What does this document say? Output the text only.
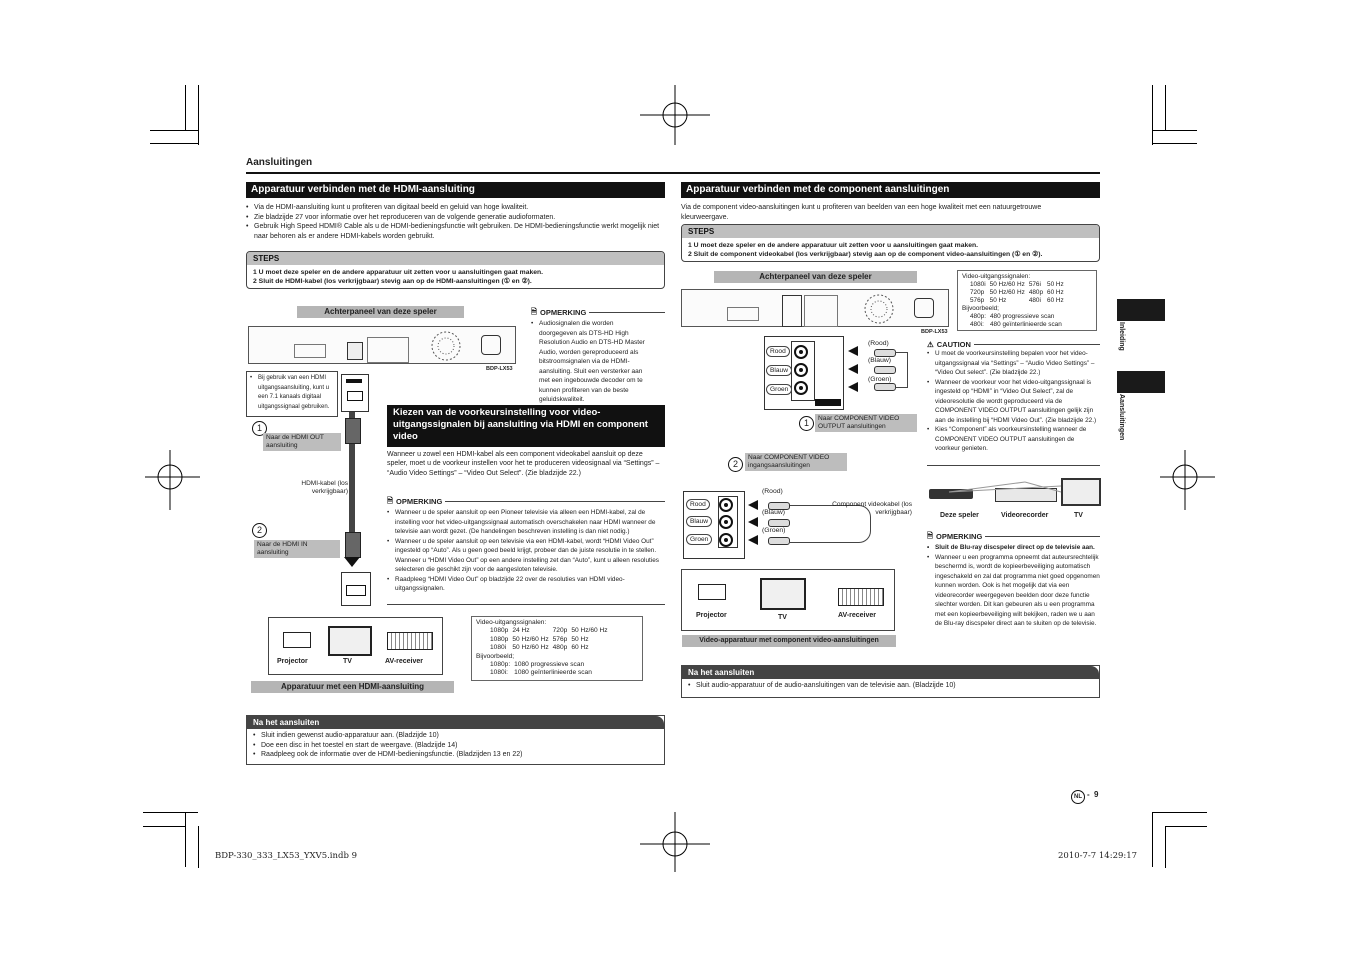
Aansluitingen
Inleiding
Aansluitingen
Apparatuur verbinden met de HDMI-aansluiting
• Via de HDMI-aansluiting kunt u profiteren van digitaal beeld en geluid van hoge kwaliteit.
• Zie bladzijde 27 voor informatie over het reproduceren van de volgende generatie audioformaten.
• Gebruik High Speed HDMI® Cable als u de HDMI-bedieningsfunctie wilt gebruiken. De HDMI-bedieningsfunctie werkt mogelijk niet naar behoren als er andere HDMI-kabels worden gebruikt.
STEPS
1 U moet deze speler en de andere apparatuur uit zetten voor u aansluitingen gaat maken.
2 Sluit de HDMI-kabel (los verkrijgbaar) stevig aan op de HDMI-aansluitingen (① en ②).
Achterpaneel van deze speler
BDP-LX53
• Bij gebruik van een HDMI uitgangsaansluiting, kunt u een 7.1 kanaals digitaal uitgangssignaal gebruiken.
1
Naar de HDMI OUT aansluiting
HDMI-kabel (los verkrijgbaar)
2
Naar de HDMI IN aansluiting
Projector	TV	AV-receiver
Apparatuur met een HDMI-aansluiting
🗎 OPMERKING
• Audiosignalen die worden doorgegeven als DTS-HD High Resolution Audio en DTS-HD Master Audio, worden gereproduceerd als bitstroomsignalen via de HDMI-aansluiting. Sluit een versterker aan met een ingebouwde decoder om te kunnen profiteren van de beste geluidskwaliteit.
Kiezen van de voorkeursinstelling voor video-uitgangssignalen bij aansluiting via HDMI en component video
Wanneer u zowel een HDMI-kabel als een component videokabel aansluit op deze speler, moet u de voorkeur instellen voor het te produceren videosignaal via “Settings” – “Audio Video Settings” – “Video Out Select”. (Zie bladzijde 22.)
🗎 OPMERKING
• Wanneer u de speler aansluit op een Pioneer televisie via alleen een HDMI-kabel, zal de instelling voor het video-uitgangssignaal automatisch overschakelen naar HDMI wanneer de televisie aan wordt gezet. (De handelingen beschreven instelling is dan niet nodig.)
• Wanneer u de speler aansluit op een televisie via een HDMI-kabel, wordt “HDMI Video Out” ingesteld op “Auto”. Als u geen goed beeld krijgt, probeer dan de juiste resolutie in te stellen. Wanneer u “HDMI Video Out” op een andere instelling zet dan “Auto”, kunt u alleen resoluties selecteren die geschikt zijn voor de aangesloten televisie.
• Raadpleeg “HDMI Video Out” op bladzijde 22 over de resoluties van HDMI video-uitgangssignalen.
Video-uitgangssignalen:
1080p	24 Hz	720p	50 Hz/60 Hz
1080p	50 Hz/60 Hz	576p	50 Hz
1080i	50 Hz/60 Hz	480p	60 Hz
Bijvoorbeeld;
1080p:	1080 progressieve scan
1080i:	1080 geïnterlinieerde scan
Na het aansluiten
• Sluit indien gewenst audio-apparatuur aan. (Bladzijde 10)
• Doe een disc in het toestel en start de weergave. (Bladzijde 14)
• Raadpleeg ook de informatie over de HDMI-bedieningsfunctie. (Bladzijden 13 en 22)
Apparatuur verbinden met de component aansluitingen
Via de component video-aansluitingen kunt u profiteren van beelden van een hoge kwaliteit met een natuurgetrouwe kleurweergave.
STEPS
1 U moet deze speler en de andere apparatuur uit zetten voor u aansluitingen gaat maken.
2 Sluit de component videokabel (los verkrijgbaar) stevig aan op de component video-aansluitingen (① en ②).
Achterpaneel van deze speler
BDP-LX53
Video-uitgangssignalen:
1080i	50 Hz/60 Hz	576i	50 Hz
720p	50 Hz/60 Hz	480p	60 Hz
576p	50 Hz	480i	60 Hz
Bijvoorbeeld;
480p:	480 progressieve scan
480i:	480 geïnterlinieerde scan
Rood
Blauw
Groen
(Rood)
(Blauw)
(Groen)
1	Naar COMPONENT VIDEO OUTPUT aansluitingen
2
Naar COMPONENT VIDEO ingangsaansluitingen
Rood
Blauw
Groen
(Rood)
(Blauw)
(Groen)
Component videokabel (los verkrijgbaar)
Projector	TV	AV-receiver
Video-apparatuur met component video-aansluitingen
⚠ CAUTION
• U moet de voorkeursinstelling bepalen voor het video-uitgangssignaal via “Settings” – “Audio Video Settings” – “Video Out select”. (Zie bladzijde 22.)
• Wanneer de voorkeur voor het video-uitgangssignaal is ingesteld op “HDMI” in “Video Out Select”, zal de videoresolutie die wordt geproduceerd via de COMPONENT VIDEO OUTPUT aansluitingen gelijk zijn aan de instelling bij “HDMI Video Out”. (Zie bladzijde 22.)
• Kies “Component” als voorkeursinstelling wanneer de COMPONENT VIDEO OUTPUT aansluitingen de voorkeur genieten.
Deze speler	Videorecorder	TV
🗎 OPMERKING
• Sluit de Blu-ray discspeler direct op de televisie aan.
• Wanneer u een programma opneemt dat auteursrechtelijk beschermd is, wordt de kopieerbeveiliging automatisch ingeschakeld en zal dat programma niet goed opgenomen kunnen worden. Ook is het mogelijk dat via een videorecorder weergegeven beelden door deze functie slechter worden. Dit kan gebeuren als u een programma met een kopieerbeveiliging wilt bekijken, raden we u aan de Blu-ray discspeler direct aan te sluiten op de televisie.
Na het aansluiten
• Sluit audio-apparatuur of de audio-aansluitingen van de televisie aan. (Bladzijde 10)
NL - 9
BDP-330_333_LX53_YXV5.indb 9	2010-7-7 14:29:17
